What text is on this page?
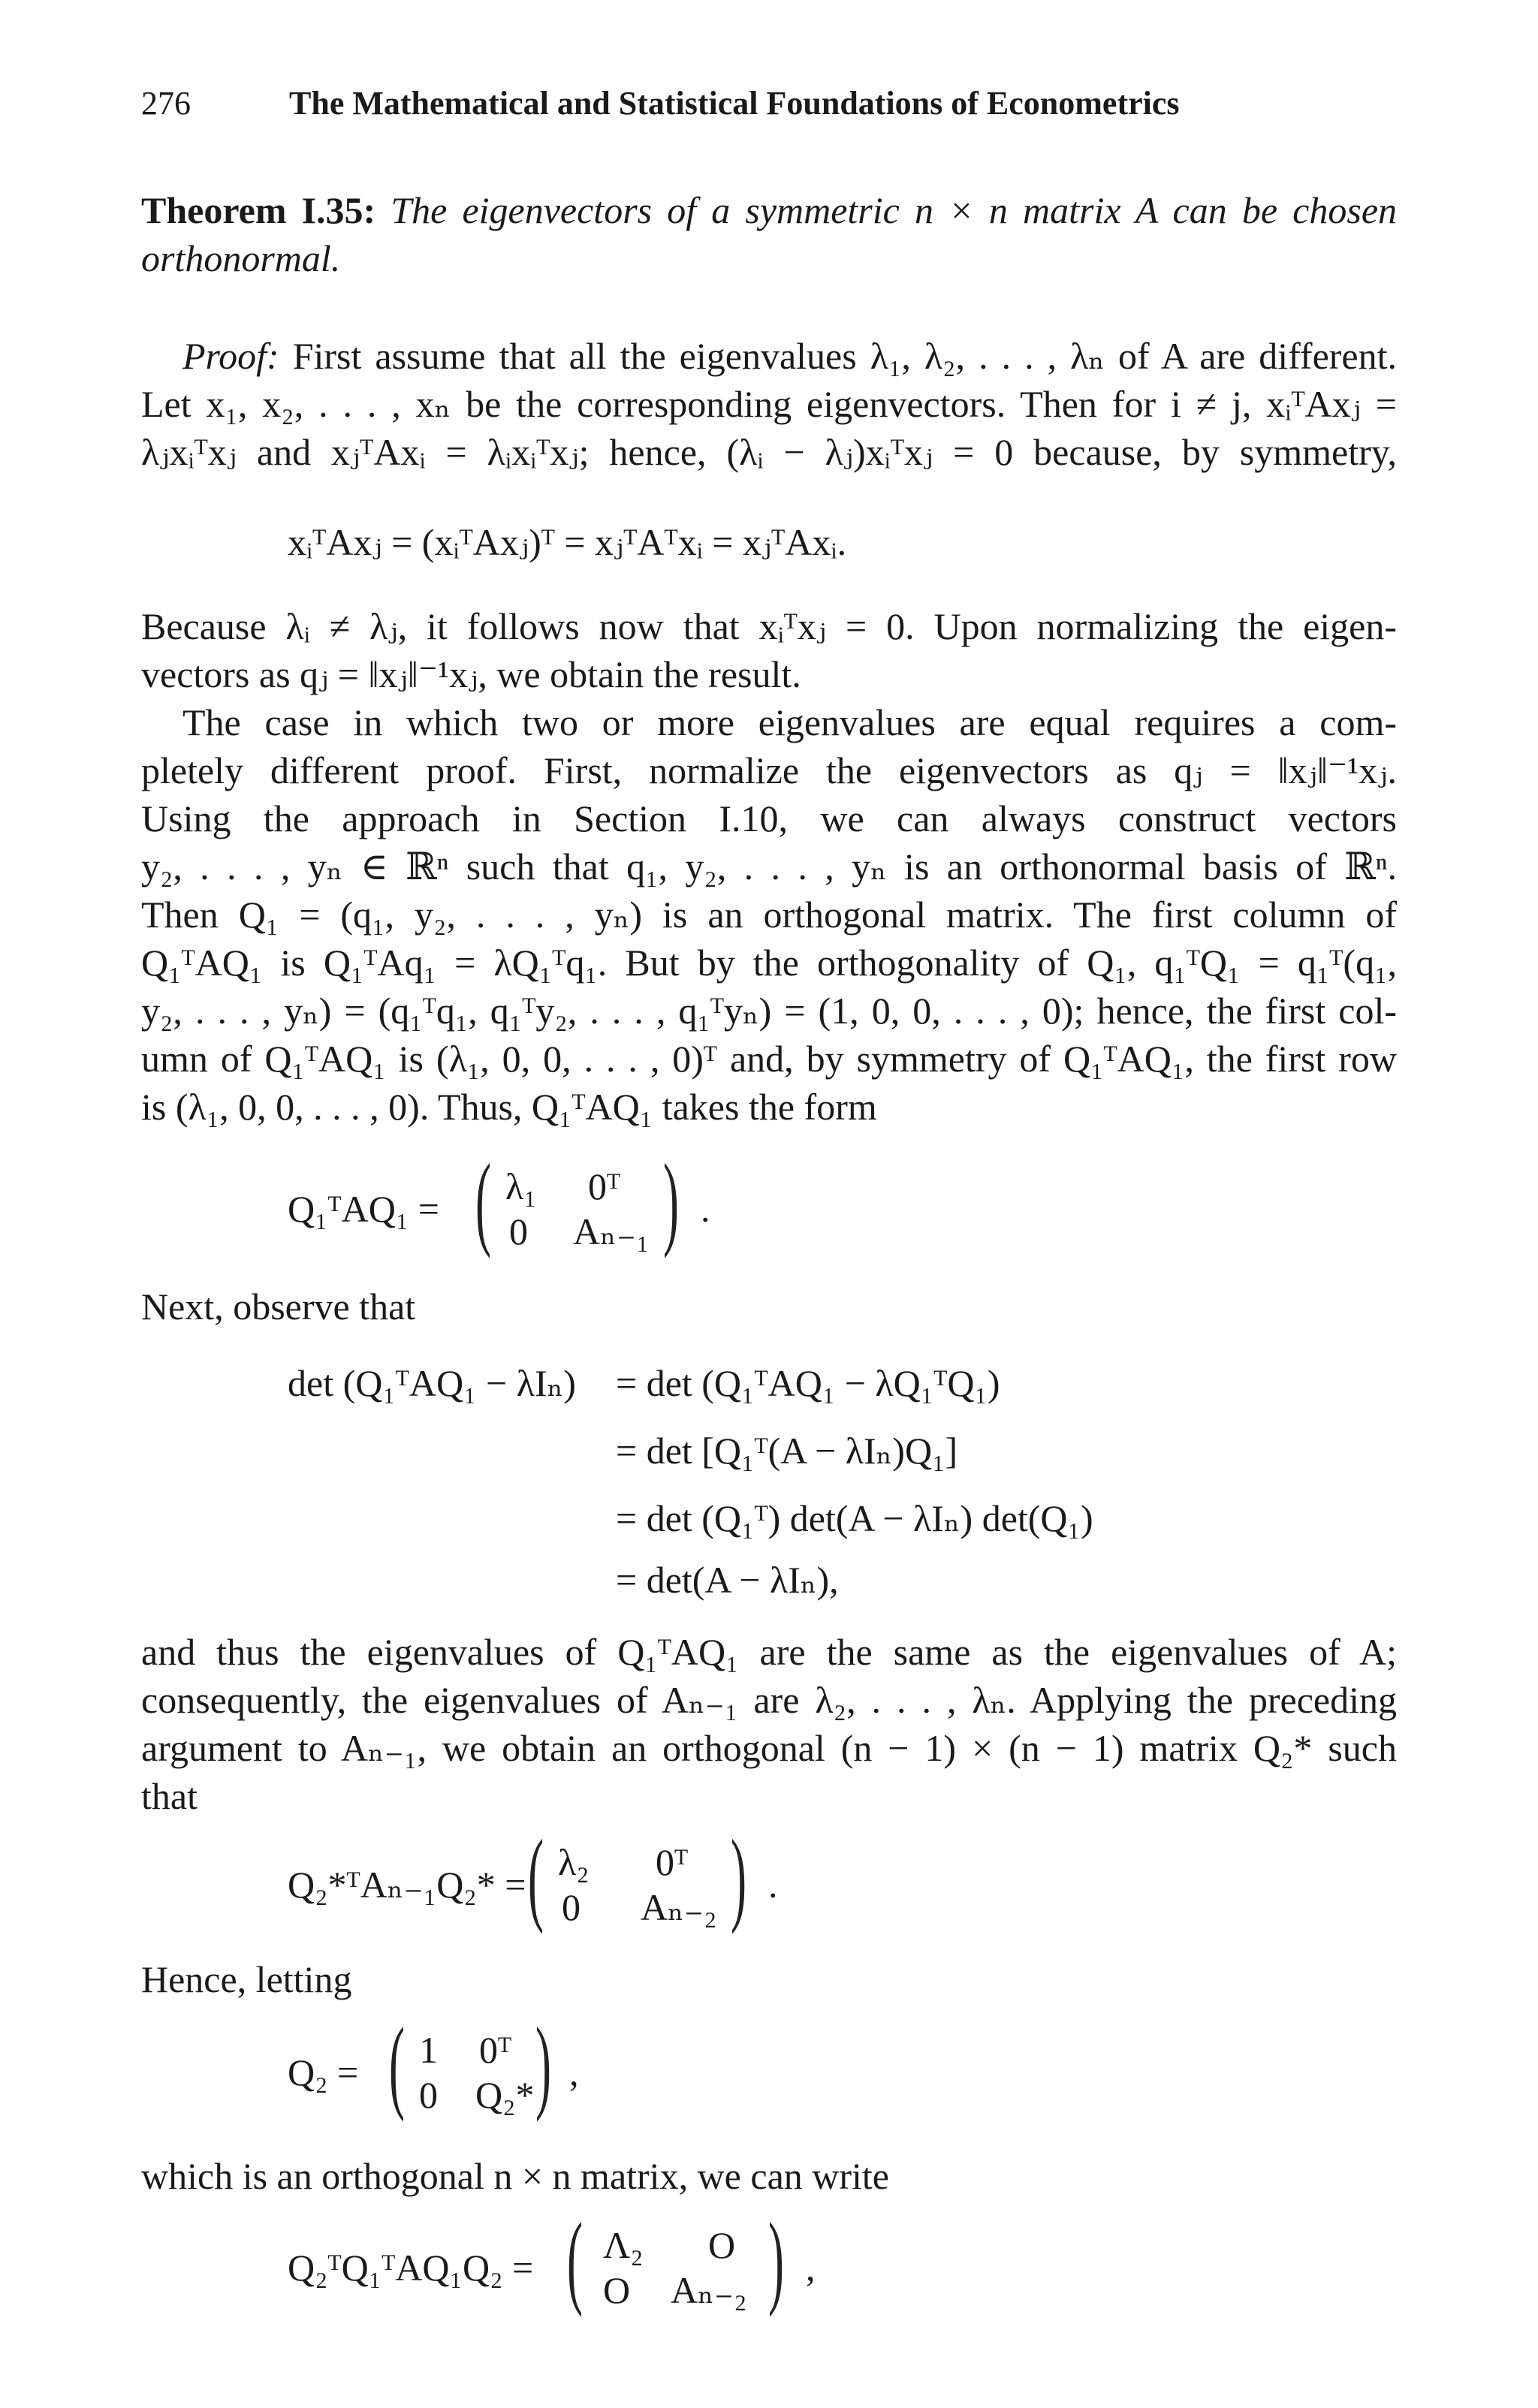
276	The Mathematical and Statistical Foundations of Econometrics
Theorem I.35: The eigenvectors of a symmetric n × n matrix A can be chosen
orthonormal.
Proof: First assume that all the eigenvalues λ₁, λ₂, . . . , λₙ of A are different.
Let x₁, x₂, . . . , xₙ be the corresponding eigenvectors. Then for i ≠ j, xᵢᵀAxⱼ =
λⱼxᵢᵀxⱼ and xⱼᵀAxᵢ = λᵢxᵢᵀxⱼ; hence, (λᵢ − λⱼ)xᵢᵀxⱼ = 0 because, by symmetry,
xᵢᵀAxⱼ = (xᵢᵀAxⱼ)ᵀ = xⱼᵀAᵀxᵢ = xⱼᵀAxᵢ.
Because λᵢ ≠ λⱼ, it follows now that xᵢᵀxⱼ = 0. Upon normalizing the eigen-
vectors as qⱼ = ‖xⱼ‖⁻¹xⱼ, we obtain the result.
The case in which two or more eigenvalues are equal requires a com-
pletely different proof. First, normalize the eigenvectors as qⱼ = ‖xⱼ‖⁻¹xⱼ.
Using the approach in Section I.10, we can always construct vectors
y₂, . . . , yₙ ∈ ℝⁿ such that q₁, y₂, . . . , yₙ is an orthonormal basis of ℝⁿ.
Then Q₁ = (q₁, y₂, . . . , yₙ) is an orthogonal matrix. The first column of
Q₁ᵀAQ₁ is Q₁ᵀAq₁ = λQ₁ᵀq₁. But by the orthogonality of Q₁, q₁ᵀQ₁ = q₁ᵀ(q₁,
y₂, . . . , yₙ) = (q₁ᵀq₁, q₁ᵀy₂, . . . , q₁ᵀyₙ) = (1, 0, 0, . . . , 0); hence, the first col-
umn of Q₁ᵀAQ₁ is (λ₁, 0, 0, . . . , 0)ᵀ and, by symmetry of Q₁ᵀAQ₁, the first row
is (λ₁, 0, 0, . . . , 0). Thus, Q₁ᵀAQ₁ takes the form
Q₁ᵀAQ₁ = ( λ₁ 0ᵀ
0 Aₙ₋₁ ) .
Next, observe that
det (Q₁ᵀAQ₁ − λIₙ) = det (Q₁ᵀAQ₁ − λQ₁ᵀQ₁)
= det [Q₁ᵀ(A − λIₙ)Q₁]
= det (Q₁ᵀ) det(A − λIₙ) det(Q₁)
= det(A − λIₙ),
and thus the eigenvalues of Q₁ᵀAQ₁ are the same as the eigenvalues of A;
consequently, the eigenvalues of Aₙ₋₁ are λ₂, . . . , λₙ. Applying the preceding
argument to Aₙ₋₁, we obtain an orthogonal (n − 1) × (n − 1) matrix Q₂* such
that
Q₂*ᵀAₙ₋₁Q₂* = ( λ₂ 0ᵀ
0 Aₙ₋₂ ) .
Hence, letting
Q₂ = ( 1 0ᵀ
0 Q₂* ) ,
which is an orthogonal n × n matrix, we can write
Q₂ᵀQ₁ᵀAQ₁Q₂ = ( Λ₂ O
O Aₙ₋₂ ) ,
